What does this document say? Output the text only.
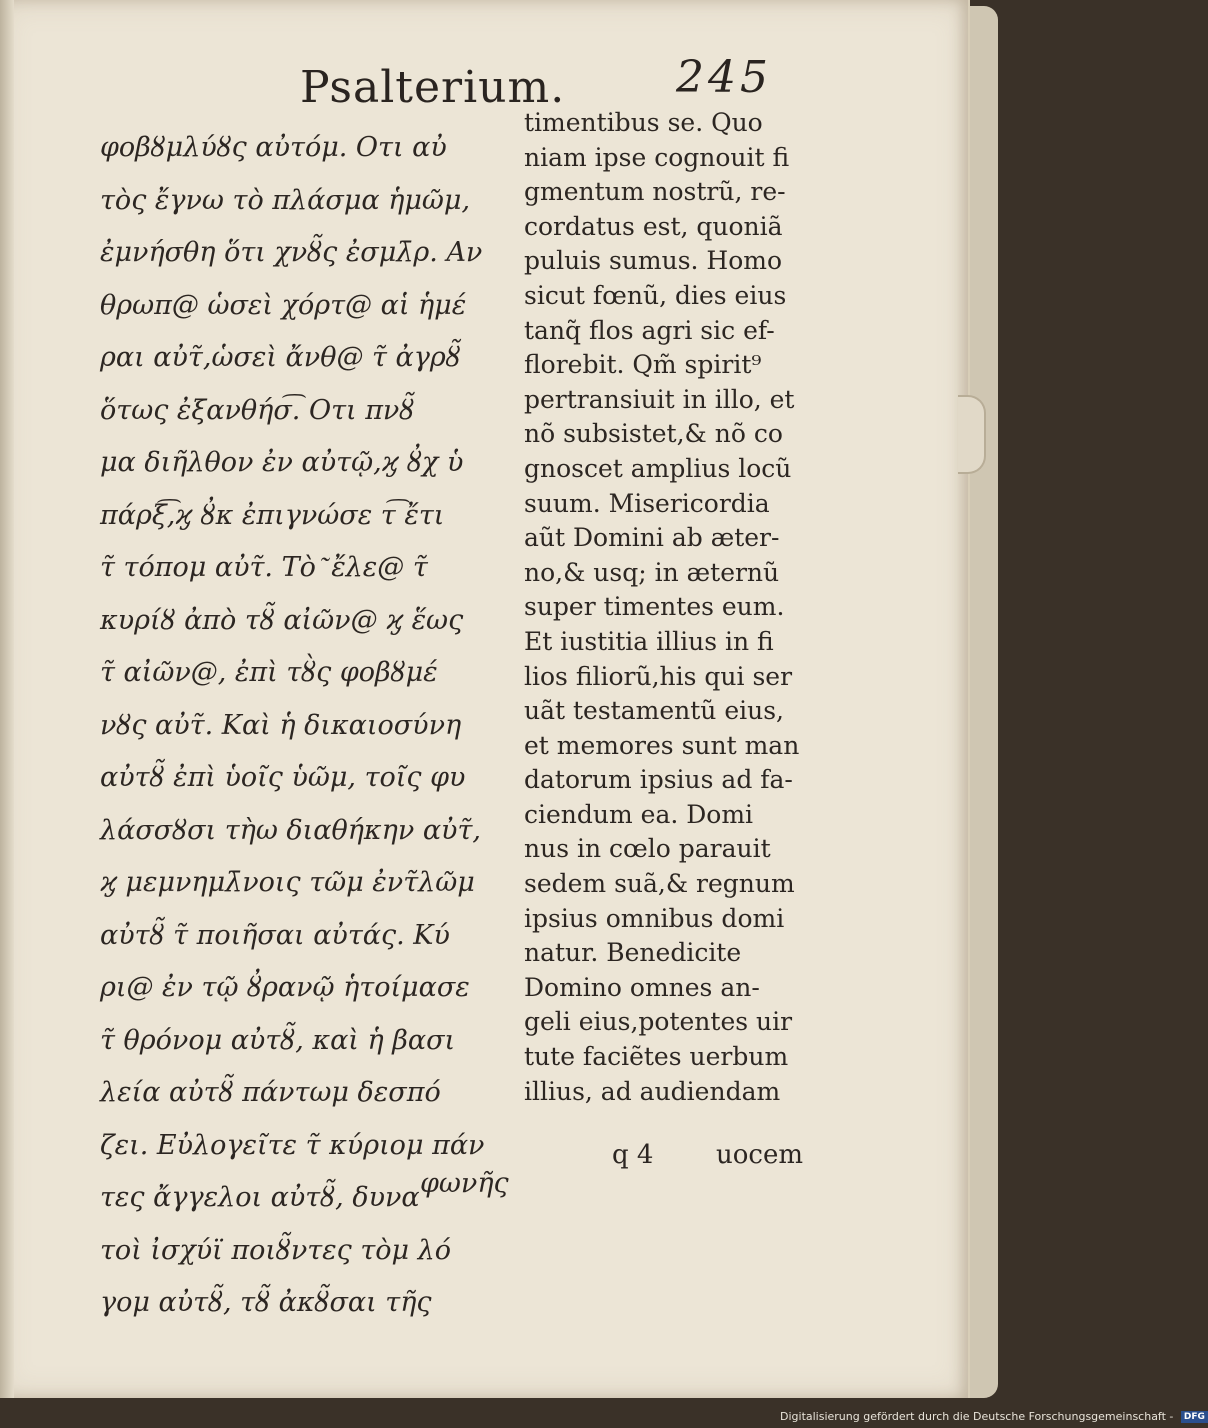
Psalterium.	245
φοβȣμλύȣς αὐτόμ. Οτι αὐ
τὸς ἔγνω τὸ πλάσμα ἡμῶμ,
ἐμνήσθη ὅτι χνȣ̃ς ἐσμλ̄ρ. Αν
θρωπ@ ὡσεὶ χόρτ@ αἱ ἡμέ
ραι αὐτ̃,ὡσεὶ ἄνθ@ τ̃ ἀγρȣ̃
ὅτως ἐξανθήσ͡. Οτι πνȣ̃
μα διῆλθον ἐν αὐτῷ,ϗ ȣ̓χ ὑ
πάρξ͡,ϗ ȣ̓κ ἐπιγνώσε τ͡ ἔτι
τ̃ τόπομ αὐτ̃. Τὸ ͂ ἔλε@ τ̃
κυρίȣ ἀπὸ τȣ̃ αἰῶν@ ϗ ἕως
τ̃ αἰῶν@, ἐπὶ τȣ̀ς φοβȣμέ
νȣς αὐτ̃. Καὶ ἡ δικαιοσύνη
αὐτȣ̃ ἐπὶ ὑοῖς ὑῶμ, τοῖς φυ
λάσσȣσι τὴω διαθήκην αὐτ̃,
ϗ μεμνημλ̄νοις τῶμ ἐντ̃λῶμ
αὐτȣ̃ τ̃ ποιῆσαι αὐτάς. Κύ
ρι@ ἐν τῷ ȣ̓ρανῷ ἡτοίμασε
τ̃ θρόνομ αὐτȣ̃, καὶ ἡ βασι
λεία αὐτȣ̃ πάντωμ δεσπό
ζει. Εὐλογεῖτε τ̃ κύριομ πάν
τες ἄγγελοι αὐτȣ̃, δυνα
τοὶ ἰσχύϊ ποιȣ̃ντες τὸμ λό
γομ αὐτȣ̃, τȣ̃ ἀκȣ̃σαι τῆς
timentibus se. Quo
niam ipse cognouit fi
gmentum nostrũ, re-
cordatus est, quoniã
puluis sumus. Homo
sicut fœnũ, dies eius
tanq̃ flos agri sic ef-
florebit. Qm̃ spirit⁹
pertransiuit in illo, et
nõ subsistet,& nõ co
gnoscet amplius locũ
suum. Misericordia
aũt Domini ab æter-
no,& usq; in æternũ
super timentes eum.
Et iustitia illius in fi
lios filiorũ,his qui ser
uãt testamentũ eius,
et memores sunt man
datorum ipsius ad fa-
ciendum ea. Domi
nus in cœlo parauit
sedem suã,& regnum
ipsius omnibus domi
natur. Benedicite
Domino omnes an-
geli eius,potentes uir
tute faciẽtes uerbum
illius, ad audiendam
q 4 uocem
φωνῆς
Digitalisierung gefördert durch die Deutsche Forschungsgemeinschaft - DFG
